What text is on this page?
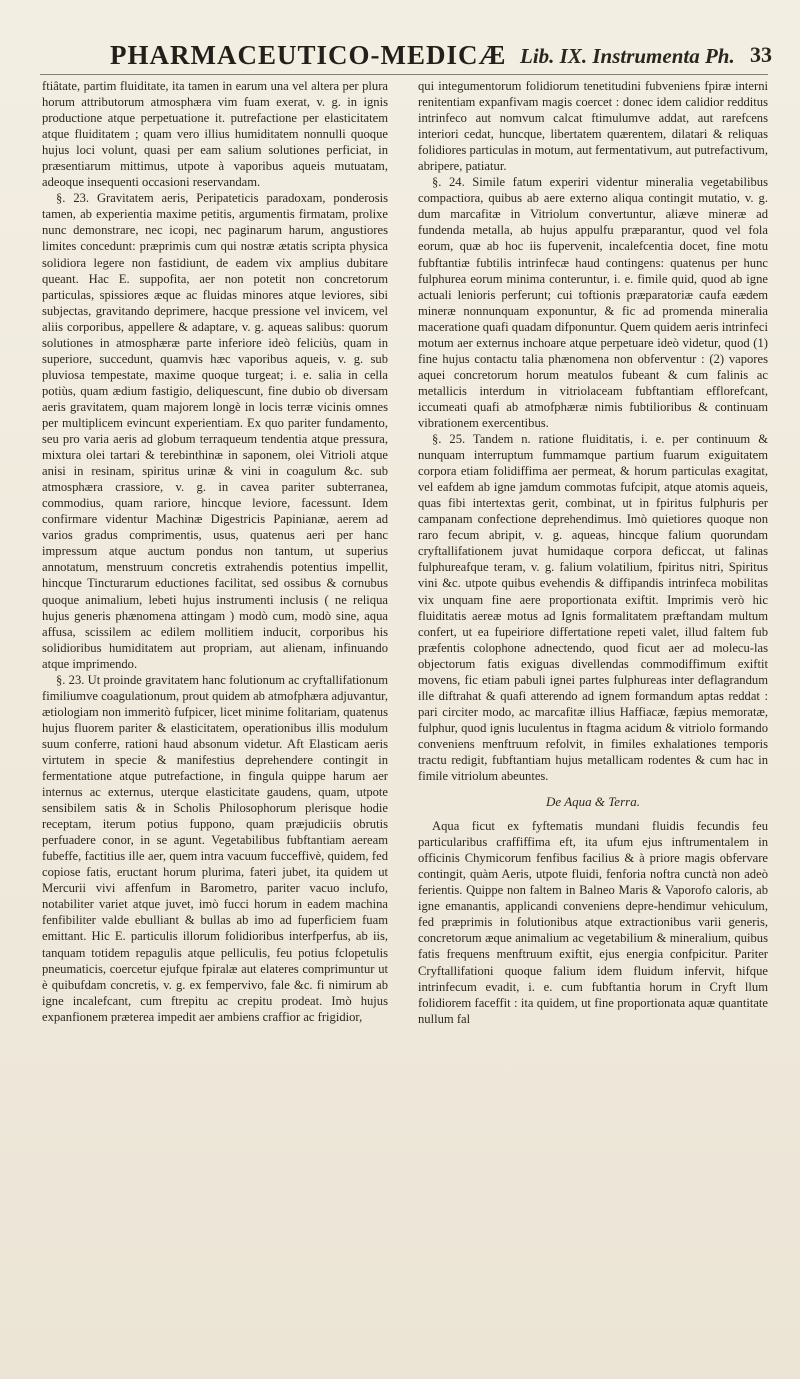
PHARMACEUTICO-MEDICÆ Lib. IX. Instrumenta Ph. 33

ftiâtate, partim fluiditate, ita tamen in earum una vel altera per plura horum attributorum atmosphæra vim fuam exerat, v. g. in ignis productione atque perpetuatione it. putrefactione per elasticitatem atque fluiditatem ; quam vero illius humiditatem nonnulli quoque hujus loci volunt, quasi per eam salium solutiones perficiat, in præsentiarum mittimus, utpote à vaporibus aqueis mutuatam, adeoque insequenti occasioni reservandam.

§. 23. Gravitatem aeris, Peripateticis paradoxam, ponderosis tamen, ab experientia maxime petitis, argumentis firmatam, prolixe nunc demonstrare, nec icopi, nec paginarum harum, angustiores limites concedunt: præprimis cum qui nostræ ætatis scripta physica solidiora legere non fastidiunt, de eadem vix amplius dubitare queant. Hac E. suppofita, aer non potetit non concretorum particulas, spissiores æque ac fluidas minores atque leviores, sibi subjectas, gravitando deprimere, hacque pressione vel invicem, vel aliis corporibus, appellere & adaptare, v. g. aqueas salibus: quorum solutiones in atmosphæræ parte inferiore ideò feliciùs, quam in superiore, succedunt, quamvis hæc vaporibus aqueis, v. g. sub pluviosa tempestate, maxime quoque turgeat; i. e. salia in cella potiùs, quam ædium fastigio, deliquescunt, fine dubio ob diversam aeris gravitatem, quam majorem longè in locis terræ vicinis omnes per multiplicem evincunt experientiam. Ex quo pariter fundamento, seu pro varia aeris ad globum terraqueum tendentia atque pressura, mixtura olei tartari & terebinthinæ in saponem, olei Vitrioli atque anisi in resinam, spiritus urinæ & vini in coagulum &c. sub atmosphæra crassiore, v. g. in cavea pariter subterranea, commodius, quam rariore, hincque leviore, facessunt. Idem confirmare videntur Machinæ Digestricis Papinianæ, aerem ad varios gradus comprimentis, usus, quatenus aeri per hanc impressum atque auctum pondus non tantum, ut superius annotatum, menstruum concretis extrahendis potentius impellit, hincque Tincturarum eductiones facilitat, sed ossibus & cornubus quoque animalium, lebeti hujus instrumenti inclusis ( ne reliqua hujus generis phænomena attingam ) modò cum, modò sine, aqua affusa, scissilem ac edilem mollitiem inducit, corporibus his solidioribus humiditatem aut propriam, aut alienam, infinuando atque imprimendo.

§. 23. Ut proinde gravitatem hanc folutionum ac cryftallifationum fimiliumve coagulationum, prout quidem ab atmofphæra adjuvantur, ætiologiam non immeritò fufpicer, licet minime folitariam, quatenus hujus fluorem pariter & elasticitatem, operationibus illis modulum suum conferre, rationi haud absonum videtur. Aft Elasticam aeris virtutem in specie & manifestius deprehendere contingit in fermentatione atque putrefactione, in fingula quippe harum aer internus ac externus, uterque elasticitate gaudens, quam, utpote sensibilem satis & in Scholis Philosophorum plerisque hodie receptam, iterum potius fuppono, quam præjudiciis obrutis perfuadere conor, in se agunt. Vegetabilibus fubftantiam aeream fubeffe, factitius ille aer, quem intra vacuum fucceffivè, quidem, fed copiose fatis, eructant horum plurima, fateri jubet, ita quidem ut Mercurii vivi affenfum in Barometro, pariter vacuo inclufo, notabiliter variet atque juvet, imò fucci horum in eadem machina fenfibiliter valde ebulliant & bullas ab imo ad fuperficiem fuam emittant. Hic E. particulis illorum folidioribus interfperfus, ab iis, tanquam totidem repagulis atque pelliculis, feu potius fclopetulis pneumaticis, coercetur ejufque fpiralæ aut elateres comprimuntur ut è quibufdam concretis, v. g. ex fempervivo, fale &c. fi nimirum ab igne incalefcant, cum ftrepitu ac crepitu prodeat. Imò hujus expanfionem præterea impedit aer ambiens craffior ac frigidior,

qui integumentorum folidiorum tenetitudini fubveniens fpiræ interni renitentiam expanfivam magis coercet : donec idem calidior redditus intrinfeco aut nomvum calcat ftimulumve addat, aut rarefcens interiori cedat, huncque, libertatem quærentem, dilatari & reliquas folidiores particulas in motum, aut fermentativum, aut putrefactivum, abripere, patiatur.

§. 24. Simile fatum experiri videntur mineralia vegetabilibus compactiora, quibus ab aere externo aliqua contingit mutatio, v. g. dum marcafitæ in Vitriolum convertuntur, aliæve mineræ ad fundenda metalla, ab hujus appulfu præparantur, quod vel fola eorum, quæ ab hoc iis fupervenit, incalefcentia docet, fine motu fubftantiæ fubtilis intrinfecæ haud contingens: quatenus per hunc fulphurea eorum minima conteruntur, i. e. fimile quid, quod ab igne actuali lenioris perferunt; cui toftionis præparatoriæ caufa eædem mineræ nonnunquam exponuntur, & fic ad promenda mineralia maceratione quafi quadam difponuntur. Quem quidem aeris intrinfeci motum aer externus inchoare atque perpetuare ideò videtur, quod (1) fine hujus contactu talia phænomena non obferventur : (2) vapores aquei concretorum horum meatulos fubeant & cum falinis ac metallicis interdum in vitriolaceam fubftantiam efflorefcant, iccumeati quafi ab atmofphæræ nimis fubtilioribus & continuam vibrationem exercentibus.

§. 25. Tandem n. ratione fluiditatis, i. e. per continuum & nunquam interruptum fummamque partium fuarum exiguitatem corpora etiam folidiffima aer permeat, & horum particulas exagitat, vel eafdem ab igne jamdum commotas fufcipit, atque atomis aqueis, quas fibi intertextas gerit, combinat, ut in fpiritus fulphuris per campanam confectione deprehendimus. Imò quietiores quoque non raro fecum abripit, v. g. aqueas, hincque falium quorundam cryftallifationem juvat humidaque corpora deficcat, ut falinas fulphureafque teram, v. g. falium volatilium, fpiritus nitri, Spiritus vini &c. utpote quibus evehendis & diffipandis intrinfeca mobilitas vix unquam fine aere proportionata exiftit. Imprimis verò hic fluiditatis aereæ motus ad Ignis formalitatem præftandam multum confert, ut ea fupeiriore differtatione repeti valet, illud faltem fub præfentis colophone adnectendo, quod ficut aer ad molecu-las objectorum fatis exiguas divellendas commodiffimum exiftit movens, fic etiam pabuli ignei partes fulphureas inter deflagrandum ille diftrahat & quafi atterendo ad ignem formandum aptas reddat : pari circiter modo, ac marcafitæ illius Haffiacæ, fæpius memoratæ, fulphur, quod ignis luculentus in ftagma acidum & vitriolo formando conveniens menftruum refolvit, in fimiles exhalationes temporis tractu redigit, fubftantiam hujus metallicam rodentes & cum hac in fimile vitriolum abeuntes.

De Aqua & Terra.

Aqua ficut ex fyftematis mundani fluidis fecundis feu particularibus craffiffima eft, ita ufum ejus inftrumentalem in officinis Chymicorum fenfibus facilius & à priore magis obfervare contingit, quàm Aeris, utpote fluidi, fenforia noftra cunctà non adeò ferientis. Quippe non faltem in Balneo Maris & Vaporofo caloris, ab igne emanantis, applicandi conveniens depre-hendimur vehiculum, fed præprimis in folutionibus atque extractionibus varii generis, concretorum æque animalium ac vegetabilium & mineralium, quibus fatis frequens menftruum exiftit, ejus energia confpicitur. Pariter Cryftallifationi quoque falium idem fluidum infervit, hifque intrinfecum evadit, i. e. cum fubftantia horum in Cryft llum folidiorem faceffit : ita quidem, ut fine proportionata aquæ quantitate nullum fal
